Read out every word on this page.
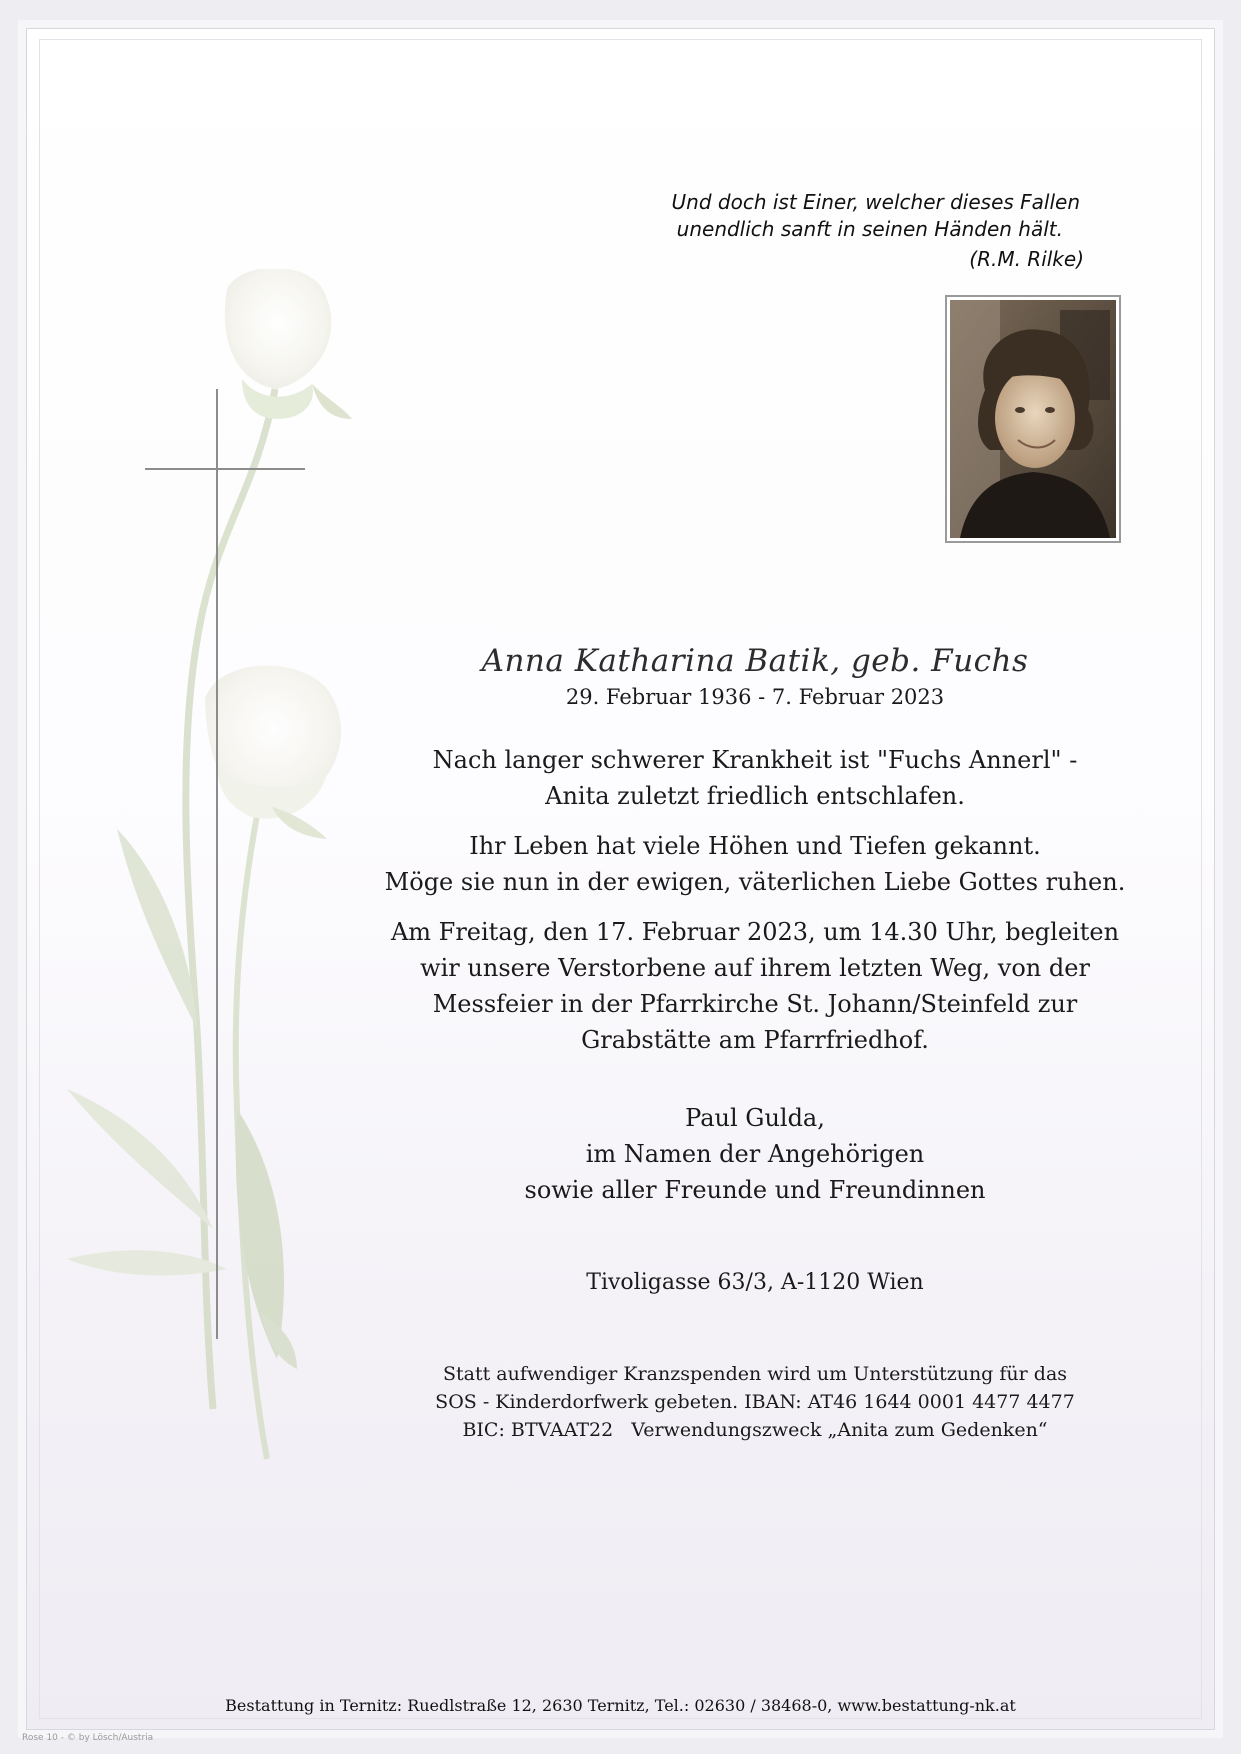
Und doch ist Einer, welcher dieses Fallen
unendlich sanft in seinen Händen hält.
(R.M. Rilke)

Anna Katharina Batik, geb. Fuchs

29. Februar 1936 - 7. Februar 2023

Nach langer schwerer Krankheit ist "Fuchs Annerl" -
Anita zuletzt friedlich entschlafen.

Ihr Leben hat viele Höhen und Tiefen gekannt.
Möge sie nun in der ewigen, väterlichen Liebe Gottes ruhen.

Am Freitag, den 17. Februar 2023, um 14.30 Uhr, begleiten
wir unsere Verstorbene auf ihrem letzten Weg, von der
Messfeier in der Pfarrkirche St. Johann/Steinfeld zur
Grabstätte am Pfarrfriedhof.

Paul Gulda,
im Namen der Angehörigen
sowie aller Freunde und Freundinnen

Tivoligasse 63/3, A-1120 Wien

Statt aufwendiger Kranzspenden wird um Unterstützung für das
SOS - Kinderdorfwerk gebeten. IBAN: AT46 1644 0001 4477 4477
BIC: BTVAAT22 Verwendungszweck „Anita zum Gedenken“

Bestattung in Ternitz: Ruedlstraße 12, 2630 Ternitz, Tel.: 02630 / 38468-0, www.bestattung-nk.at
Rose 10 - © by Lösch/Austria
